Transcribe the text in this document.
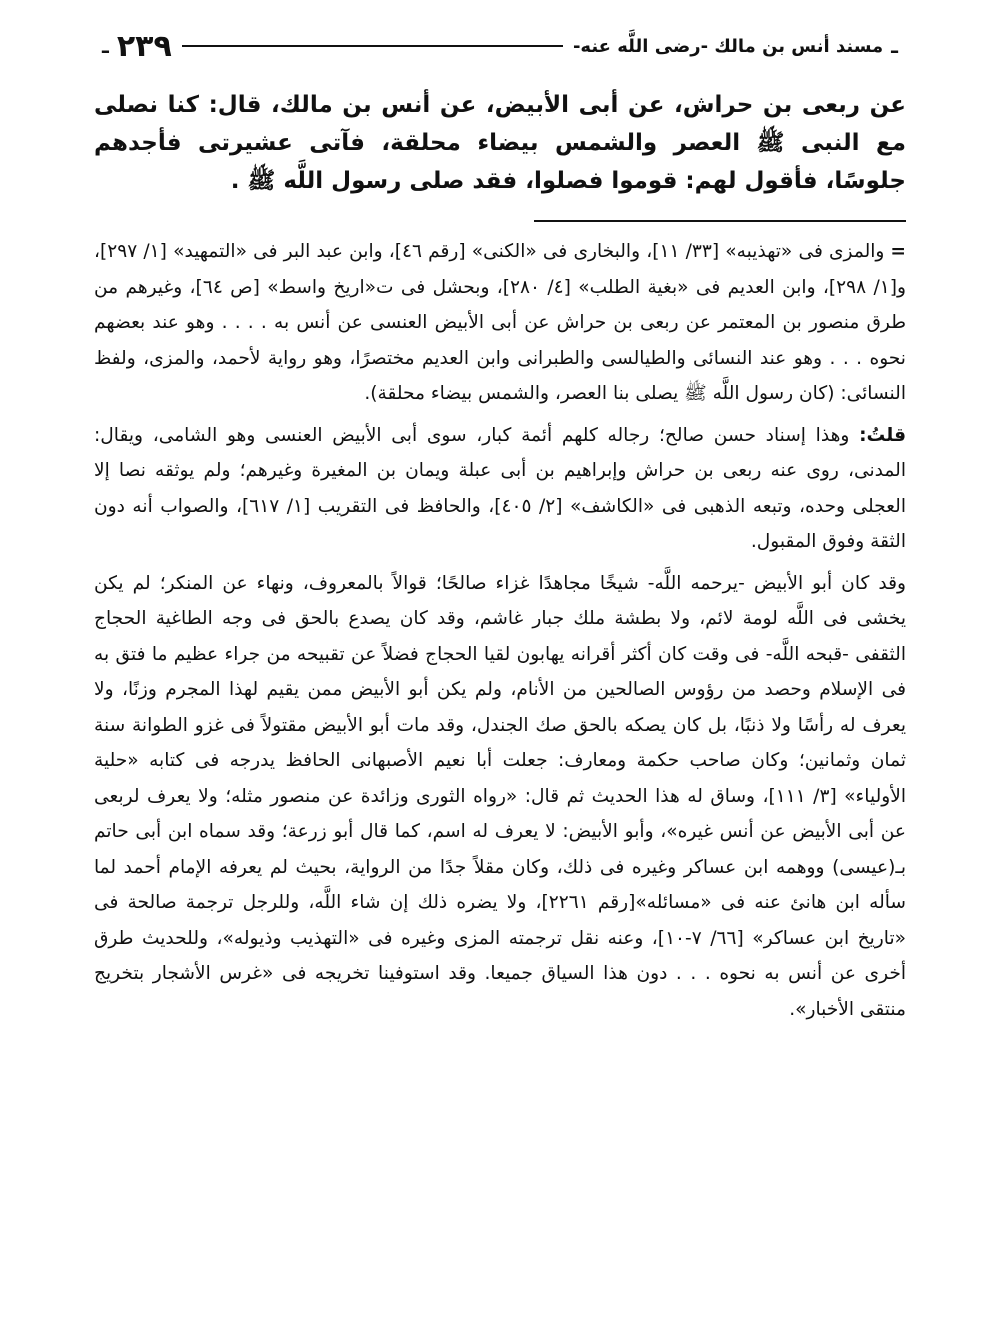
ـ
مسند أنس بن مالك -رضى اللَّه عنه-
٢٣٩
ـ

عن ربعى بن حراش، عن أبى الأبيض، عن أنس بن مالك، قال: كنا نصلى مع النبى ﷺ العصر والشمس بيضاء محلقة، فآتى عشيرتى فأجدهم جلوسًا، فأقول لهم: قوموا فصلوا، فقد صلى رسول اللَّه ﷺ .

=والمزى فى «تهذيبه» [٣٣/ ١١]، والبخارى فى «الكنى» [رقم ٤٦]، وابن عبد البر فى «التمهيد» [١/ ٢٩٧]، و[١/ ٢٩٨]، وابن العديم فى «بغية الطلب» [٤/ ٢٨٠]، وبحشل فى ت«اريخ واسط» [ص ٦٤]، وغيرهم من طرق منصور بن المعتمر عن ربعى بن حراش عن أبى الأبيض العنسى عن أنس به . . . . وهو عند بعضهم نحوه . . . وهو عند النسائى والطيالسى والطبرانى وابن العديم مختصرًا، وهو رواية لأحمد، والمزى، ولفظ النسائى: (كان رسول اللَّه ﷺ يصلى بنا العصر، والشمس بيضاء محلقة).

قلتُ: وهذا إسناد حسن صالح؛ رجاله كلهم أئمة كبار، سوى أبى الأبيض العنسى وهو الشامى، ويقال: المدنى، روى عنه ربعى بن حراش وإبراهيم بن أبى عبلة ويمان بن المغيرة وغيرهم؛ ولم يوثقه نصا إلا العجلى وحده، وتبعه الذهبى فى «الكاشف» [٢/ ٤٠٥]، والحافظ فى التقريب [١/ ٦١٧]، والصواب أنه دون الثقة وفوق المقبول.

وقد كان أبو الأبيض -يرحمه اللَّه- شيخًا مجاهدًا غزاء صالحًا؛ قوالاً بالمعروف، ونهاء عن المنكر؛ لم يكن يخشى فى اللَّه لومة لائم، ولا بطشة ملك جبار غاشم، وقد كان يصدع بالحق فى وجه الطاغية الحجاج الثقفى -قبحه اللَّه- فى وقت كان أكثر أقرانه يهابون لقيا الحجاج فضلاً عن تقبيحه من جراء عظيم ما فتق به فى الإسلام وحصد من رؤوس الصالحين من الأنام، ولم يكن أبو الأبيض ممن يقيم لهذا المجرم وزنًا، ولا يعرف له رأسًا ولا ذنبًا، بل كان يصكه بالحق صك الجندل، وقد مات أبو الأبيض مقتولاً فى غزو الطوانة سنة ثمان وثمانين؛ وكان صاحب حكمة ومعارف: جعلت أبا نعيم الأصبهانى الحافظ يدرجه فى كتابه «حلية الأولياء» [٣/ ١١١]، وساق له هذا الحديث ثم قال: «رواه الثورى وزائدة عن منصور مثله؛ ولا يعرف لربعى عن أبى الأبيض عن أنس غيره»، وأبو الأبيض: لا يعرف له اسم، كما قال أبو زرعة؛ وقد سماه ابن أبى حاتم بـ(عيسى) ووهمه ابن عساكر وغيره فى ذلك، وكان مقلاً جدًا من الرواية، بحيث لم يعرفه الإمام أحمد لما سأله ابن هانئ عنه فى «مسائله»[رقم ٢٢٦١]، ولا يضره ذلك إن شاء اللَّه، وللرجل ترجمة صالحة فى «تاريخ ابن عساكر» [٦٦/ ٧-١٠]، وعنه نقل ترجمته المزى وغيره فى «التهذيب وذيوله»، وللحديث طرق أخرى عن أنس به نحوه . . . دون هذا السياق جميعا. وقد استوفينا تخريجه فى «غرس الأشجار بتخريج منتقى الأخبار».
